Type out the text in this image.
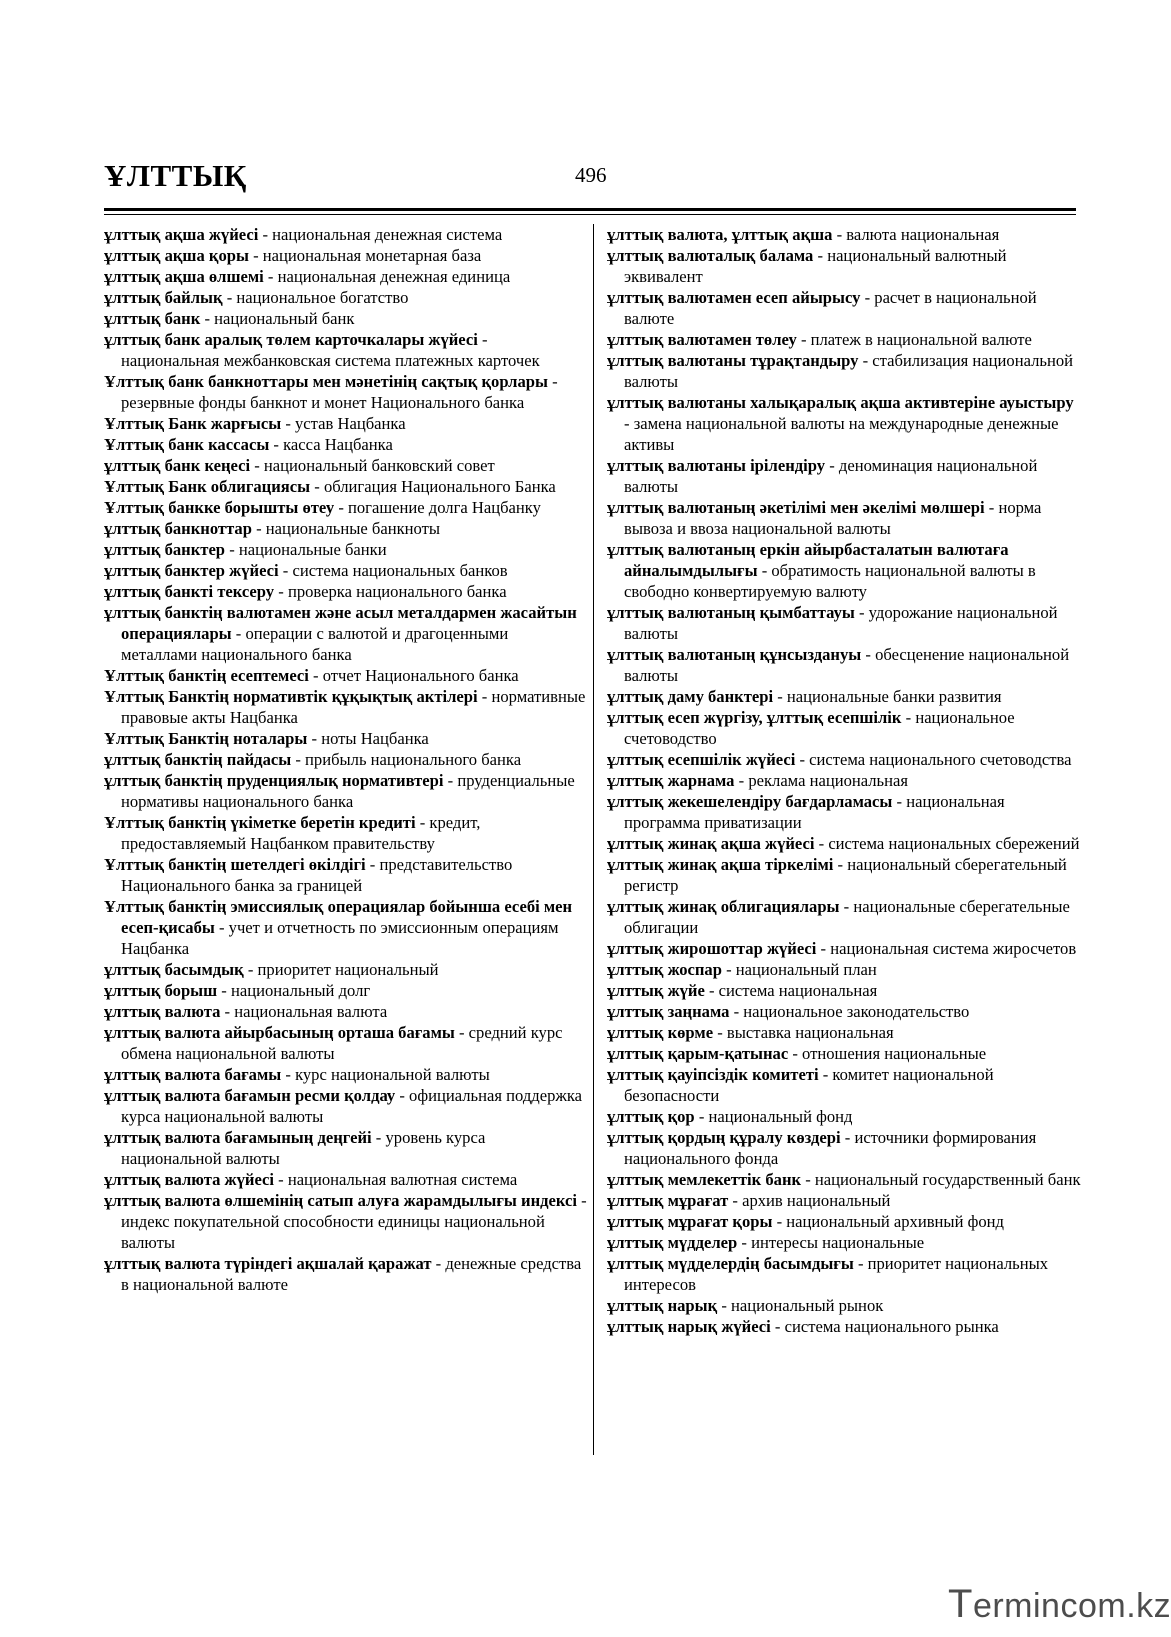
ҰЛТТЫҚ	496

ұлттық ақша жүйесі - национальная денежная система

ұлттық ақша қоры - национальная монетарная база

ұлттық ақша өлшемі - национальная денежная единица

ұлттық байлық - национальное богатство

ұлттық банк - национальный банк

ұлттық банк аралық төлем карточкалары жүйесі - национальная межбанковская система платежных карточек

Ұлттық банк банкноттары мен мәнетінің сақтық қорлары - резервные фонды банкнот и монет Национального банка

Ұлттық Банк жарғысы - устав Нацбанка

Ұлттық банк кассасы - касса Нацбанка

ұлттық банк кеңесі - национальный банковский совет

Ұлттық Банк облигациясы - облигация Национального Банка

Ұлттық банкке борышты өтеу - погашение долга Нацбанку

ұлттық банкноттар - национальные банкноты

ұлттық банктер - национальные банки

ұлттық банктер жүйесі - система национальных банков

ұлттық банкті тексеру - проверка национального банка

ұлттық банктің валютамен және асыл металдармен жасайтын операциялары - операции с валютой и драгоценными металлами национального банка

Ұлттық банктің есептемесі - отчет Национального банка

Ұлттық Банктің нормативтік құқықтық актілері - нормативные правовые акты Нацбанка

Ұлттық Банктің ноталары - ноты Нацбанка

ұлттық банктің пайдасы - прибыль национального банка

ұлттық банктің пруденциялық нормативтері - пруденциальные нормативы национального банка

Ұлттық банктің үкіметке беретін кредиті - кредит, предоставляемый Нацбанком правительству

Ұлттық банктің шетелдегі өкілдігі - представительство Национального банка за границей

Ұлттық банктің эмиссиялық операциялар бойынша есебі мен есеп-қисабы - учет и отчетность по эмиссионным операциям Нацбанка

ұлттық басымдық - приоритет национальный

ұлттық борыш - национальный долг

ұлттық валюта - национальная валюта

ұлттық валюта айырбасының орташа бағамы - средний курс обмена национальной валюты

ұлттық валюта бағамы - курс национальной валюты

ұлттық валюта бағамын ресми қолдау - официальная поддержка курса национальной валюты

ұлттық валюта бағамының деңгейі - уровень курса национальной валюты

ұлттық валюта жүйесі - национальная валютная система

ұлттық валюта өлшемінің сатып алуға жарамдылығы индексі - индекс покупательной способности единицы национальной валюты

ұлттық валюта түріндегі ақшалай қаражат - денежные средства в национальной валюте

ұлттық валюта, ұлттық ақша - валюта национальная

ұлттық валюталық балама - национальный валютный эквивалент

ұлттық валютамен есеп айырысу - расчет в национальной валюте

ұлттық валютамен төлеу - платеж в национальной валюте

ұлттық валютаны тұрақтандыру - стабилизация национальной валюты

ұлттық валютаны халықаралық ақша активтеріне ауыстыру - замена национальной валюты на международные денежные активы

ұлттық валютаны ірілендіру - деноминация национальной валюты

ұлттық валютаның әкетілімі мен әкелімі мөлшері - норма вывоза и ввоза национальной валюты

ұлттық валютаның еркін айырбасталатын валютаға айналымдылығы - обратимость национальной валюты в свободно конвертируемую валюту

ұлттық валютаның қымбаттауы - удорожание национальной валюты

ұлттық валютаның құнсыздануы - обесценение национальной валюты

ұлттық даму банктері - национальные банки развития

ұлттық есеп жүргізу, ұлттық есепшілік - национальное счетоводство

ұлттық есепшілік жүйесі - система национального счетоводства

ұлттық жарнама - реклама национальная

ұлттық жекешелендіру бағдарламасы - национальная программа приватизации

ұлттық жинақ ақша жүйесі - система национальных сбережений

ұлттық жинақ ақша тіркелімі - национальный сберегательный регистр

ұлттық жинақ облигациялары - национальные сберегательные облигации

ұлттық жирошоттар жүйесі - национальная система жиросчетов

ұлттық жоспар - национальный план

ұлттық жүйе - система национальная

ұлттық заңнама - национальное законодательство

ұлттық көрме - выставка национальная

ұлттық қарым-қатынас - отношения национальные

ұлттық қауіпсіздік комитеті - комитет национальной безопасности

ұлттық қор - национальный фонд

ұлттық қордың құралу көздері - источники формирования национального фонда

ұлттық мемлекеттік банк - национальный государственный банк

ұлттық мұрағат - архив национальный

ұлттық мұрағат қоры - национальный архивный фонд

ұлттық мүдделер - интересы национальные

ұлттық мүдделердің басымдығы - приоритет национальных интересов

ұлттық нарық - национальный рынок

ұлттық нарық жүйесі - система национального рынка

Termincom.kz
